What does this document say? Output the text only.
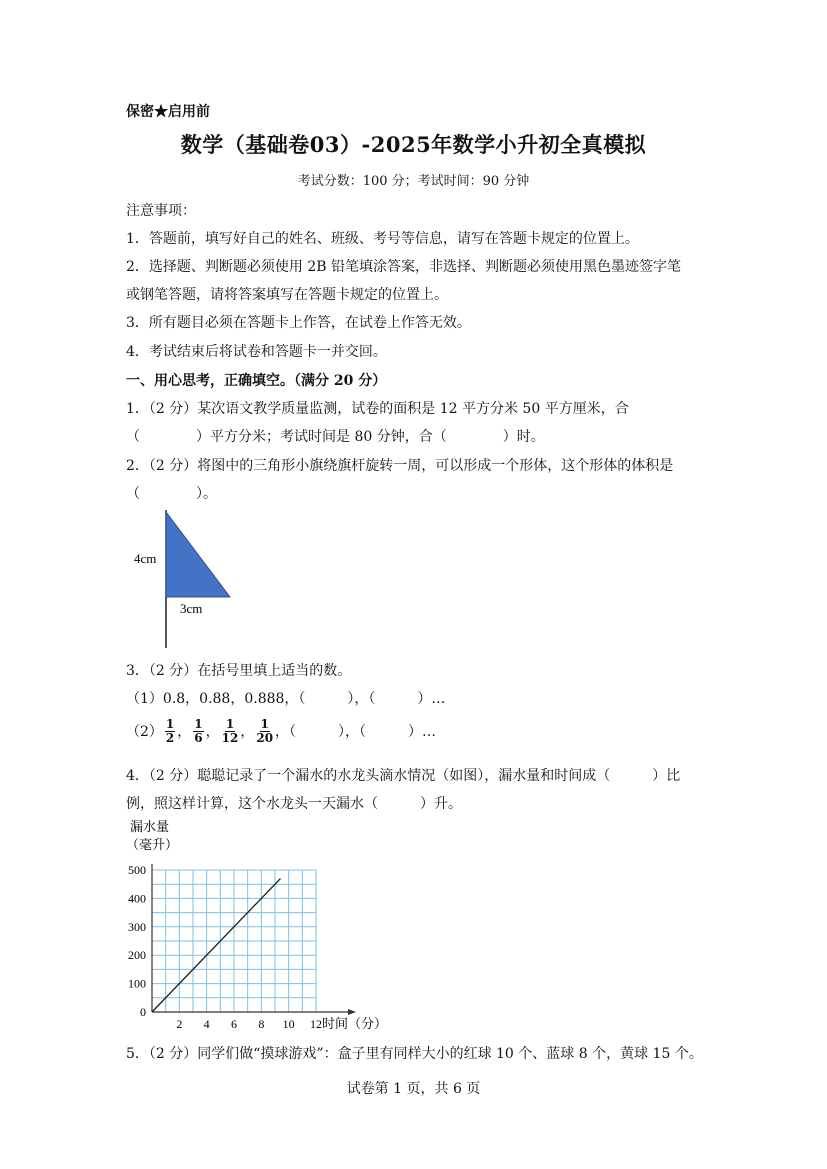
保密★启用前
数学（基础卷03）-2025年数学小升初全真模拟
考试分数：100 分；考试时间：90 分钟
注意事项：
1．答题前，填写好自己的姓名、班级、考号等信息，请写在答题卡规定的位置上。
2．选择题、判断题必须使用 2B 铅笔填涂答案，非选择、判断题必须使用黑色墨迹签字笔
或钢笔答题，请将答案填写在答题卡规定的位置上。
3．所有题目必须在答题卡上作答，在试卷上作答无效。
4．考试结束后将试卷和答题卡一并交回。
一、用心思考，正确填空。（满分 20 分）
1．（2 分）某次语文教学质量监测，试卷的面积是 12 平方分米 50 平方厘米，合
（　　　　）平方分米；考试时间是 80 分钟，合（　　　　）时。
2．（2 分）将图中的三角形小旗绕旗杆旋转一周，可以形成一个形体，这个形体的体积是
（　　　　）。
4cm
3cm
3．（2 分）在括号里填上适当的数。
（1）0.8，0.88，0.888，（　　　），（　　　）…
$(2) \frac{1}{2}$ ， $\frac{1}{6}$ ， $\frac{1}{12}$ ， $\frac{1}{20}$ ，（　　　），（　　　）…
4．（2 分）聪聪记录了一个漏水的水龙头滴水情况（如图），漏水量和时间成（　　　）比
例，照这样计算，这个水龙头一天漏水（　　　）升。
漏水量
（毫升）
0
100
200
300
400
500
2 4 6 8 10 12 时间（分）
5．（2 分）同学们做“摸球游戏”：盒子里有同样大小的红球 10 个、蓝球 8 个，黄球 15 个。
试卷第 1 页，共 6 页
